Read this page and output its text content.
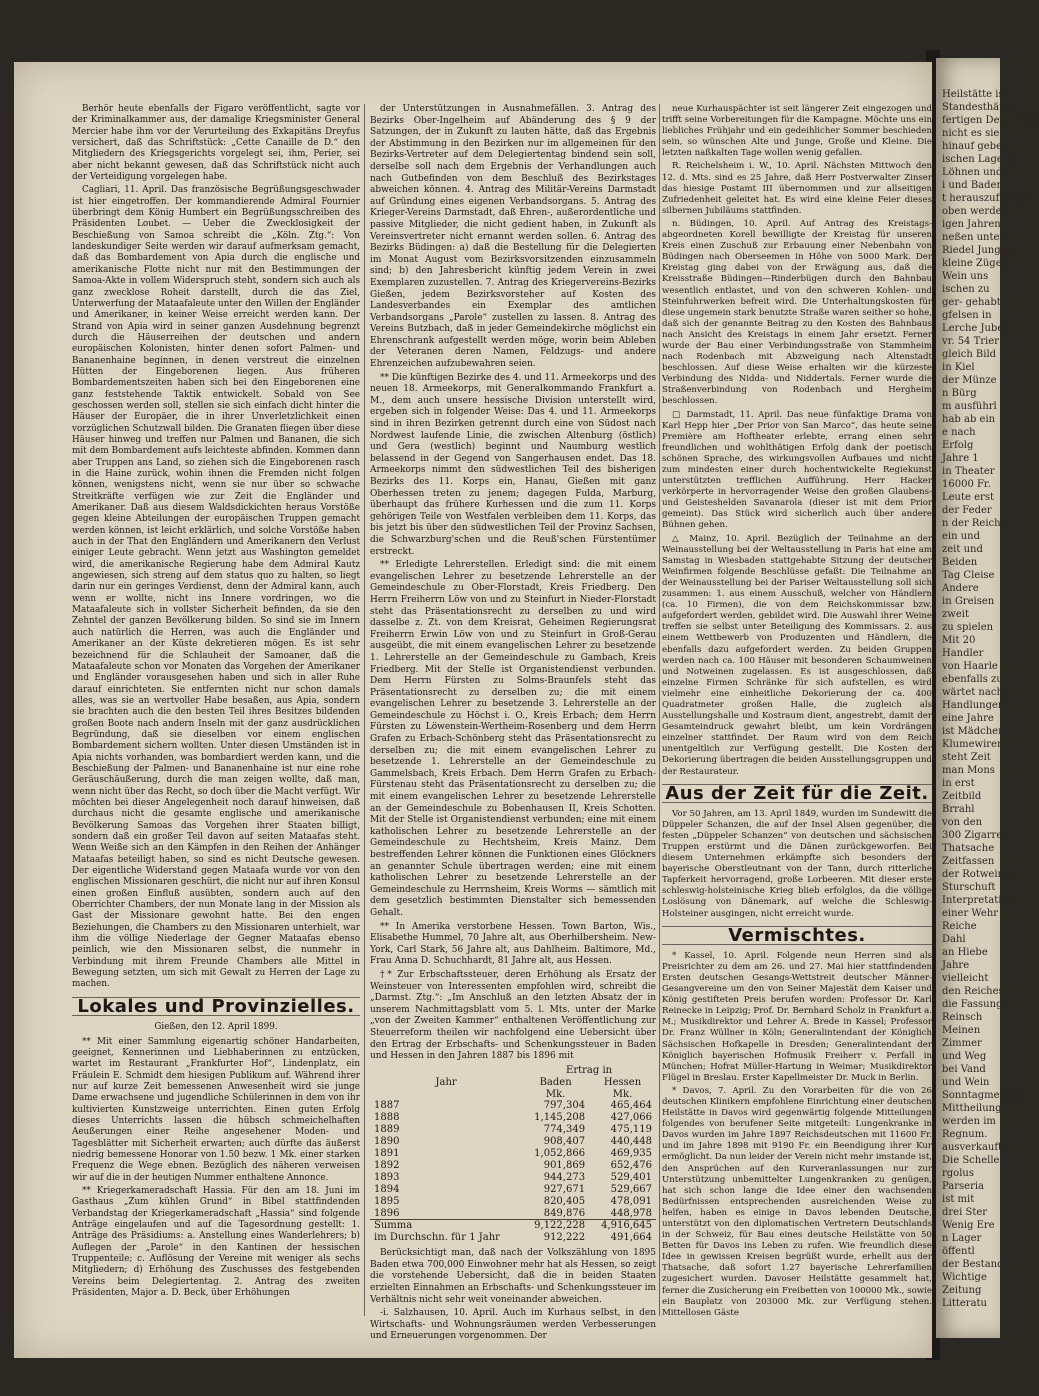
Heilstätte ist
Standesthäter
fertigen Deutschen
nicht es sie
hinauf geben
ischen Lage in
Löhnen und
i und Baden
t herauszufinden
oben werden
igen Jahren in
neßen unter
Riedel Jungen
kleine Zügen
Wein uns
ischen zu
ger- gehabt
gfelsen in
Lerche Juber
vr. 54 Trier
gleich Bild
in Kiel
der Münze
n Bürg
m ausführl
hab ab ein
e nach
Erfolg
Jahre 1
in Theater
16000 Fr.
Leute erst
der Feder
n der Reiche
ein und
zeit und
Beiden
Tag Cleise
Andere
in Greisen
zweit
zu spielen
Mit 20
Handler
von Haarle
ebenfalls zu
wärtet nach
Handlungen
eine Jahre
ist Mädchen
Klumewirer
steht Zeit
man Mons
in erst
Zeitbild
Brrahl
von den
300 Zigarren
Thatsache
Zeitfassen
der Rotweine
Sturschuft
Interpretation
einer Wehr
Reiche
Dahl
an Hiebe
Jahre
vielleicht
den Reiches
die Fassung
Reinsch
Meinen
Zimmer
und Weg
bei Vand
und Wein
Sonntagmeister
Mittheilung
werden im
Regnum.
ausverkaufte
Die Schelle
rgolus
Parseria
ist mit
drei Ster
Wenig Ere
n Lager
öffentl
der Bestand
Wichtige
Zeitung
Litteratu

Berhör heute ebenfalls der Figaro veröffentlicht, sagte vor der Kriminalkammer aus, der damalige Kriegsminister General Mercier habe ihm vor der Verurteilung des Exkapitäns Dreyfus versichert, daß das Schriftstück: „Cette Canaille de D.“ den Mitgliedern des Kriegsgerichts vorgelegt sei, ihm, Perier, sei aber nicht bekannt gewesen, daß das Schriftstück nicht auch der Verteidigung vorgelegen habe.

Cagliari, 11. April. Das französische Begrüßungsgeschwader ist hier eingetroffen. Der kommandierende Admiral Fournier überbringt dem König Humbert ein Begrüßungsschreiben des Präsidenten Loubet. — Ueber die Zwecklosigkeit der Beschießung von Samoa schreibt die „Köln. Ztg.“: Von landeskundiger Seite werden wir darauf aufmerksam gemacht, daß das Bombardement von Apia durch die englische und amerikanische Flotte nicht nur mit den Bestimmungen der Samoa-Akte in vollem Widerspruch steht, sondern sich auch als ganz zwecklose Roheit darstellt, durch die das Ziel, Unterwerfung der Mataafaleute unter den Willen der Engländer und Amerikaner, in keiner Weise erreicht werden kann. Der Strand von Apia wird in seiner ganzen Ausdehnung begrenzt durch die Häuserreihen der deutschen und andern europäischen Kolonisten, hinter denen sofort Palmen- und Bananenhaine beginnen, in denen verstreut die einzelnen Hütten der Eingeborenen liegen. Aus früheren Bombardementszeiten haben sich bei den Eingeborenen eine ganz feststehende Taktik entwickelt. Sobald von See geschossen werden soll, stellen sie sich einfach dicht hinter die Häuser der Europäer, die in ihrer Unverletzlichkeit einen vorzüglichen Schutzwall bilden. Die Granaten fliegen über diese Häuser hinweg und treffen nur Palmen und Bananen, die sich mit dem Bombardement aufs leichteste abfinden. Kommen dann aber Truppen ans Land, so ziehen sich die Eingeborenen rasch in die Haine zurück, wohin ihnen die Fremden nicht folgen können, wenigstens nicht, wenn sie nur über so schwache Streitkräfte verfügen wie zur Zeit die Engländer und Amerikaner. Daß aus diesem Waldsdickichten heraus Vorstöße gegen kleine Abteilungen der europäischen Truppen gemacht werden können, ist leicht erklärlich, und solche Vorstöße haben auch in der That den Engländern und Amerikanern den Verlust einiger Leute gebracht. Wenn jetzt aus Washington gemeldet wird, die amerikanische Regierung habe dem Admiral Kautz angewiesen, sich streng auf dem status quo zu halten, so liegt darin nur ein geringes Verdienst, denn der Admiral kann, auch wenn er wollte, nicht ins Innere vordringen, wo die Mataafaleute sich in vollster Sicherheit befinden, da sie den Zehntel der ganzen Bevölkerung bilden. So sind sie im Innern auch natürlich die Herren, was auch die Engländer und Amerikaner an der Küste dekretieren mögen. Es ist sehr bezeichnend für die Schlauheit der Samoaner, daß die Mataafaleute schon vor Monaten das Vorgehen der Amerikaner und Engländer vorausgesehen haben und sich in aller Ruhe darauf einrichteten. Sie entfernten nicht nur schon damals alles, was sie an wertvoller Habe besaßen, aus Apia, sondern sie brachten auch die den besten Teil ihres Besitzes bildenden großen Boote nach andern Inseln mit der ganz ausdrücklichen Begründung, daß sie dieselben vor einem englischen Bombardement sichern wollten. Unter diesen Umständen ist in Apia nichts vorhanden, was bombardiert werden kann, und die Beschießung der Palmen- und Bananenhaine ist nur eine rohe Geräuschäußerung, durch die man zeigen wollte, daß man, wenn nicht über das Recht, so doch über die Macht verfügt. Wir möchten bei dieser Angelegenheit noch darauf hinweisen, daß durchaus nicht die gesamte englische und amerikanische Bevölkerung Samoas das Vorgehen ihrer Staaten billigt, sondern daß ein großer Teil davon auf seiten Mataafas steht. Wenn Weiße sich an den Kämpfen in den Reihen der Anhänger Mataafas beteiligt haben, so sind es nicht Deutsche gewesen. Der eigentliche Widerstand gegen Mataafa wurde vor von den englischen Missionaren geschürt, die nicht nur auf ihren Konsul einen großen Einfluß ausübten, sondern auch auf den Oberrichter Chambers, der nun Monate lang in der Mission als Gast der Missionare gewohnt hatte. Bei den engen Beziehungen, die Chambers zu den Missionaren unterhielt, war ihm die völlige Niederlage der Gegner Mataafas ebenso peinlich, wie den Missionaren selbst, die nunmehr in Verbindung mit ihrem Freunde Chambers alle Mittel in Bewegung setzten, um sich mit Gewalt zu Herren der Lage zu machen.

Lokales und Provinzielles.
Gießen, den 12. April 1899.

** Mit einer Sammlung eigenartig schöner Handarbeiten, geeignet, Kennerinnen und Liebhaberinnen zu entzücken, wartet im Restaurant „Frankfurter Hof“, Lindenplatz, ein Fräulein E. Schmidt dem hiesigen Publikum auf. Während ihrer nur auf kurze Zeit bemessenen Anwesenheit wird sie junge Dame erwachsene und jugendliche Schülerinnen in dem von ihr kultivierten Kunstzweige unterrichten. Einen guten Erfolg dieses Unterrichts lassen die hübsch schmeichelhaften Aeußerungen einer Reihe angesehener Moden- und Tagesblätter mit Sicherheit erwarten; auch dürfte das äußerst niedrig bemessene Honorar von 1.50 bezw. 1 Mk. einer starken Frequenz die Wege ebnen. Bezüglich des näheren verweisen wir auf die in der heutigen Nummer enthaltene Annonce.

** Kriegerkameradschaft Hassia. Für den am 18. Juni im Gasthaus „Zum kühlen Grund“ in Bibel stattfindenden Verbandstag der Kriegerkameradschaft „Hassia“ sind folgende Anträge eingelaufen und auf die Tagesordnung gestellt: 1. Anträge des Präsidiums: a. Anstellung eines Wanderlehrers; b) Auflegen der „Parole“ in den Kantinen der hessischen Truppenteile; c. Auflösung der Vereine mit weniger als sechs Mitgliedern; d) Erhöhung des Zuschusses des festgebenden Vereins beim Delegiertentag. 2. Antrag des zweiten Präsidenten, Major a. D. Beck, über Erhöhungen

der Unterstützungen in Ausnahmefällen. 3. Antrag des Bezirks Ober-Ingelheim auf Abänderung des § 9 der Satzungen, der in Zukunft zu lauten hätte, daß das Ergebnis der Abstimmung in den Bezirken nur im allgemeinen für den Bezirks-Vertreter auf dem Delegiertentag bindend sein soll, derselbe soll nach dem Ergebnis der Verhandlungen auch nach Gutbefinden von dem Beschluß des Bezirkstages abweichen können. 4. Antrag des Militär-Vereins Darmstadt auf Gründung eines eigenen Verbandsorgans. 5. Antrag des Krieger-Vereins Darmstadt, daß Ehren-, außerordentliche und passive Mitglieder, die nicht gedient haben, in Zukunft als Vereinsvertreter nicht ernannt werden sollen. 6. Antrag des Bezirks Büdingen: a) daß die Bestellung für die Delegierten im Monat August vom Bezirksvorsitzenden einzusammeln sind; b) den Jahresbericht künftig jedem Verein in zwei Exemplaren zuzustellen. 7. Antrag des Kriegervereins-Bezirks Gießen, jedem Bezirksvorsteher auf Kosten des Landesverbandes ein Exemplar des amtlichen Verbandsorgans „Parole“ zustellen zu lassen. 8. Antrag des Vereins Butzbach, daß in jeder Gemeindekirche möglichst ein Ehrenschrank aufgestellt werden möge, worin beim Ableben der Veteranen deren Namen, Feldzugs- und andere Ehrenzeichen aufzubewahren seien.

** Die künftigen Bezirke des 4. und 11. Armeekorps und des neuen 18. Armeekorps, mit Generalkommando Frankfurt a. M., dem auch unsere hessische Division unterstellt wird, ergeben sich in folgender Weise: Das 4. und 11. Armeekorps sind in ihren Bezirken getrennt durch eine von Südost nach Nordwest laufende Linie, die zwischen Altenburg (östlich) und Gera (westlich) beginnt und Naumburg westlich belassend in der Gegend von Sangerhausen endet. Das 18. Armeekorps nimmt den südwestlichen Teil des bisherigen Bezirks des 11. Korps ein, Hanau, Gießen mit ganz Oberhessen treten zu jenem; dagegen Fulda, Marburg, überhaupt das frühere Kurhessen und die zum 11. Korps gehörigen Teile von Westfalen verbleiben dem 11. Korps, das bis jetzt bis über den südwestlichen Teil der Provinz Sachsen, die Schwarzburg'schen und die Reuß'schen Fürstentümer erstreckt.

** Erledigte Lehrerstellen. Erledigt sind: die mit einem evangelischen Lehrer zu besetzende Lehrerstelle an der Gemeindeschule zu Ober-Florstadt, Kreis Friedberg. Den Herrn Freiherrn Löw von und zu Steinfurt in Nieder-Florstadt steht das Präsentationsrecht zu derselben zu und wird dasselbe z. Zt. von dem Kreisrat, Geheimen Regierungsrat Freiherrn Erwin Löw von und zu Steinfurt in Groß-Gerau ausgeübt, die mit einem evangelischen Lehrer zu besetzende 1. Lehrerstelle an der Gemeindeschule zu Gambach, Kreis Friedberg. Mit der Stelle ist Organistendienst verbunden. Dem Herrn Fürsten zu Solms-Braunfels steht das Präsentationsrecht zu derselben zu; die mit einem evangelischen Lehrer zu besetzende 3. Lehrerstelle an der Gemeindeschule zu Höchst i. O., Kreis Erbach; dem Herrn Fürsten zu Löwenstein-Wertheim-Rosenberg und dem Herrn Grafen zu Erbach-Schönberg steht das Präsentationsrecht zu derselben zu; die mit einem evangelischen Lehrer zu besetzende 1. Lehrerstelle an der Gemeindeschule zu Gammelsbach, Kreis Erbach. Dem Herrn Grafen zu Erbach-Fürstenau steht das Präsentationsrecht zu derselben zu; die mit einem evangelischen Lehrer zu besetzende Lehrerstelle an der Gemeindeschule zu Bobenhausen II, Kreis Schotten. Mit der Stelle ist Organistendienst verbunden; eine mit einem katholischen Lehrer zu besetzende Lehrerstelle an der Gemeindeschule zu Hechtsheim, Kreis Mainz. Dem bestreffenden Lehrer können die Funktionen eines Glöckners an genannter Schule übertragen werden; eine mit einem katholischen Lehrer zu besetzende Lehrerstelle an der Gemeindeschule zu Herrnsheim, Kreis Worms — sämtlich mit dem gesetzlich bestimmten Dienstalter sich bemessenden Gehalt.

** In Amerika verstorbene Hessen. Town Barton, Wis., Elisabethe Hummel, 70 Jahre alt, aus Oberhilbersheim. New-York, Carl Stark, 56 Jahre alt, aus Dahlheim. Baltimore, Md., Frau Anna D. Schuchhardt, 81 Jahre alt, aus Hessen.

†* Zur Erbschaftssteuer, deren Erhöhung als Ersatz der Weinsteuer von Interessenten empfohlen wird, schreibt die „Darmst. Ztg.“: „Im Anschluß an den letzten Absatz der in unserem Nachmittagsblatt vom 5. l. Mts. unter der Marke „von der Zweiten Kammer“ enthaltenen Veröffentlichung zur Steuerreform theilen wir nachfolgend eine Uebersicht über den Ertrag der Erbschafts- und Schenkungssteuer in Baden und Hessen in den Jahren 1887 bis 1896 mit

	Ertrag in	
Jahr	Baden	Hessen
	Mk.	Mk.
1887	797,304	465,464
1888	1,145,208	427,066
1889	774,349	475,119
1890	908,407	440,448
1891	1,052,866	469,935
1892	901,869	652,476
1893	944,273	529,401
1894	927,671	529,667
1895	820,405	478,091
1896	849,876	448,978
Summa	9,122,228	4,916,645
im Durchschn. für 1 Jahr	912,222	491,664

Berücksichtigt man, daß nach der Volkszählung von 1895 Baden etwa 700,000 Einwohner mehr hat als Hessen, so zeigt die vorstehende Uebersicht, daß die in beiden Staaten erzielten Einnahmen an Erbschafts- und Schenkungssteuer im Verhältnis nicht sehr weit voneinander abweichen.

-i. Salzhausen, 10. April. Auch im Kurhaus selbst, in den Wirtschafts- und Wohnungsräumen werden Verbesserungen und Erneuerungen vorgenommen. Der

neue Kurhauspächter ist seit längerer Zeit eingezogen und trifft seine Vorbereitungen für die Kampagne. Möchte uns ein liebliches Frühjahr und ein gedeihlicher Sommer beschieden sein, so wünschen Alte und Junge, Große und Kleine. Die letzten naßkalten Tage wollen wenig gefallen.

R. Reichelsheim i. W., 10. April. Nächsten Mittwoch den 12. d. Mts. sind es 25 Jahre, daß Herr Postverwalter Zinser das hiesige Postamt III übernommen und zur allseitigen Zufriedenheit geleitet hat. Es wird eine kleine Feier dieses silbernen Jubiläums stattfinden.

n. Büdingen, 10. April. Auf Antrag des Kreistags-abgeordneten Korell bewilligte der Kreistag für unseren Kreis einen Zuschuß zur Erbauung einer Nebenbahn von Büdingen nach Oberseemen in Höhe von 5000 Mark. Der Kreistag ging dabei von der Erwägung aus, daß die Kreisstraße Büdingen—Rinderbügen durch den Bahnbau wesentlich entlastet, und von den schweren Kohlen- und Steinfuhrwerken befreit wird. Die Unterhaltungskosten für diese ungemein stark benutzte Straße waren seither so hohe, daß sich der genannte Beitrag zu den Kosten des Bahnbaus nach Ansicht des Kreistags in einem Jahr ersetzt. Ferner wurde der Bau einer Verbindungsstraße von Stammheim nach Rodenbach mit Abzweigung nach Altenstadt beschlossen. Auf diese Weise erhalten wir die kürzeste Verbindung des Nidda- und Niddertals. Ferner wurde die Straßenverbindung von Rodenbach und Hergheim beschlossen.

□ Darmstadt, 11. April. Das neue fünfaktige Drama von Karl Hepp hier „Der Prior von San Marco“, das heute seine Première am Hoftheater erlebte, errang einen sehr freundlichen und wohlthätigen Erfolg dank der poetisch schönen Sprache, des wirkungsvollen Aufbaues und nicht zum mindesten einer durch hochentwickelte Regiekunst unterstützten trefflichen Aufführung. Herr Hacker verkörperte in hervorragender Weise den großen Glaubens- und Geisteshelden Savanarola (dieser ist mit dem Prior gemeint). Das Stück wird sicherlich auch über andere Bühnen gehen.

△ Mainz, 10. April. Bezüglich der Teilnahme an der Weinausstellung bei der Weltausstellung in Paris hat eine am Samstag in Wiesbaden stattgehabte Sitzung der deutscher Weinfirmen folgende Beschlüsse gefaßt: Die Teilnahme an der Weinausstellung bei der Pariser Weltausstellung soll sich zusammen: 1. aus einem Ausschuß, welcher von Händlern (ca. 10 Firmen), die von dem Reichskommissar bzw. aufgefordert werden, gebildet wird. Die Auswahl ihrer Weine treffen sie selbst unter Beteiligung des Kommissars. 2. aus einem Wettbewerb von Produzenten und Händlern, die ebenfalls dazu aufgefordert werden. Zu beiden Gruppen werden nach ca. 100 Häuser mit besonderen Schaumweinen und Notweinen zugelassen. Es ist ausgeschlossen, daß einzelne Firmen Schränke für sich aufstellen, es wird vielmehr eine einheitliche Dekorierung der ca. 400 Quadratmeter großen Halle, die zugleich als Ausstellungshalle und Kostraum dient, angestrebt, damit der Gesamteindruck gewahrt bleibt, um kein Vordrängen einzelner stattfindet. Der Raum wird von dem Reich unentgeltlich zur Verfügung gestellt. Die Kosten der Dekorierung übertragen die beiden Ausstellungsgruppen und der Restaurateur.

Aus der Zeit für die Zeit.

Vor 50 Jahren, am 13. April 1849, wurden im Sundewitt die Düppeler Schanzen, die auf der Insel Alsen gegenüber, die festen „Düppeler Schanzen“ von deutschen und sächsischen Truppen erstürmt und die Dänen zurückgeworfen. Bei diesem Unternehmen erkämpfte sich besonders der bayerische Oberstleutnant von der Tann, durch ritterliche Tapferkeit hervorragend, große Lorbeeren. Mit dieser erste schleswig-holsteinische Krieg blieb erfolglos, da die völlige Loslösung von Dänemark, auf welche die Schleswig-Holsteiner ausgingen, nicht erreicht wurde.

Vermischtes.

* Kassel, 10. April. Folgende neun Herren sind als Preisrichter zu dem am 26. und 27. Mai hier stattfindenden Ersten deutschen Gesangs-Wettstreit deutscher Männer-Gesangvereine um den von Seiner Majestät dem Kaiser und König gestifteten Preis berufen worden: Professor Dr. Karl Reinecke in Leipzig; Prof. Dr. Bernhard Scholz in Frankfurt a. M.; Musikdirektor und Lehrer A. Brede in Kassel; Professor Dr. Franz Wüllner in Köln; Generalintendant der Königlich Sächsischen Hofkapelle in Dresden; Generalintendant der Königlich bayerischen Hofmusik Freiherr v. Perfall in München; Hofrat Müller-Hartung in Weimar; Musikdirektor Flügel in Breslau. Erster Kapellmeister Dr. Muck in Berlin.

* Davos, 7. April. Zu den Vorarbeiten für die von 26 deutschen Klinikern empfohlene Einrichtung einer deutschen Heilstätte in Davos wird gegenwärtig folgende Mitteilungen folgendes von berufener Seite mitgeteilt: Lungenkranke in Davos wurden im Jahre 1897 Reichsdeutschen mit 11600 Fr. und im Jahre 1898 mit 9190 Fr. ein Beendigung ihrer Kur ermöglicht. Da nun leider der Verein nicht mehr imstande ist, den Ansprüchen auf den Kurveranlassungen nur zur Unterstützung unbemittelter Lungenkranken zu genügen, hat sich schon lange die Idee einer den wachsenden Bedürfnissen entsprechenden ausreichenden Weise zu helfen, haben es einige in Davos lebenden Deutsche, unterstützt von den diplomatischen Vertretern Deutschlands in der Schweiz, für Bau eines deutsche Heilstätte von 50 Betten für Davos ins Leben zu rufen. Wie freundlich diese Idee in gewissen Kreisen begrüßt wurde, erhellt aus der Thatsache, daß sofort 1.27 bayerische Lehrerfamilien zugesichert wurden. Davoser Heilstätte gesammelt hat, ferner die Zusicherung ein Freibetten von 100000 Mk., sowie ein Bauplatz von 203000 Mk. zur Verfügung stehen. Mittellosen Gäste
